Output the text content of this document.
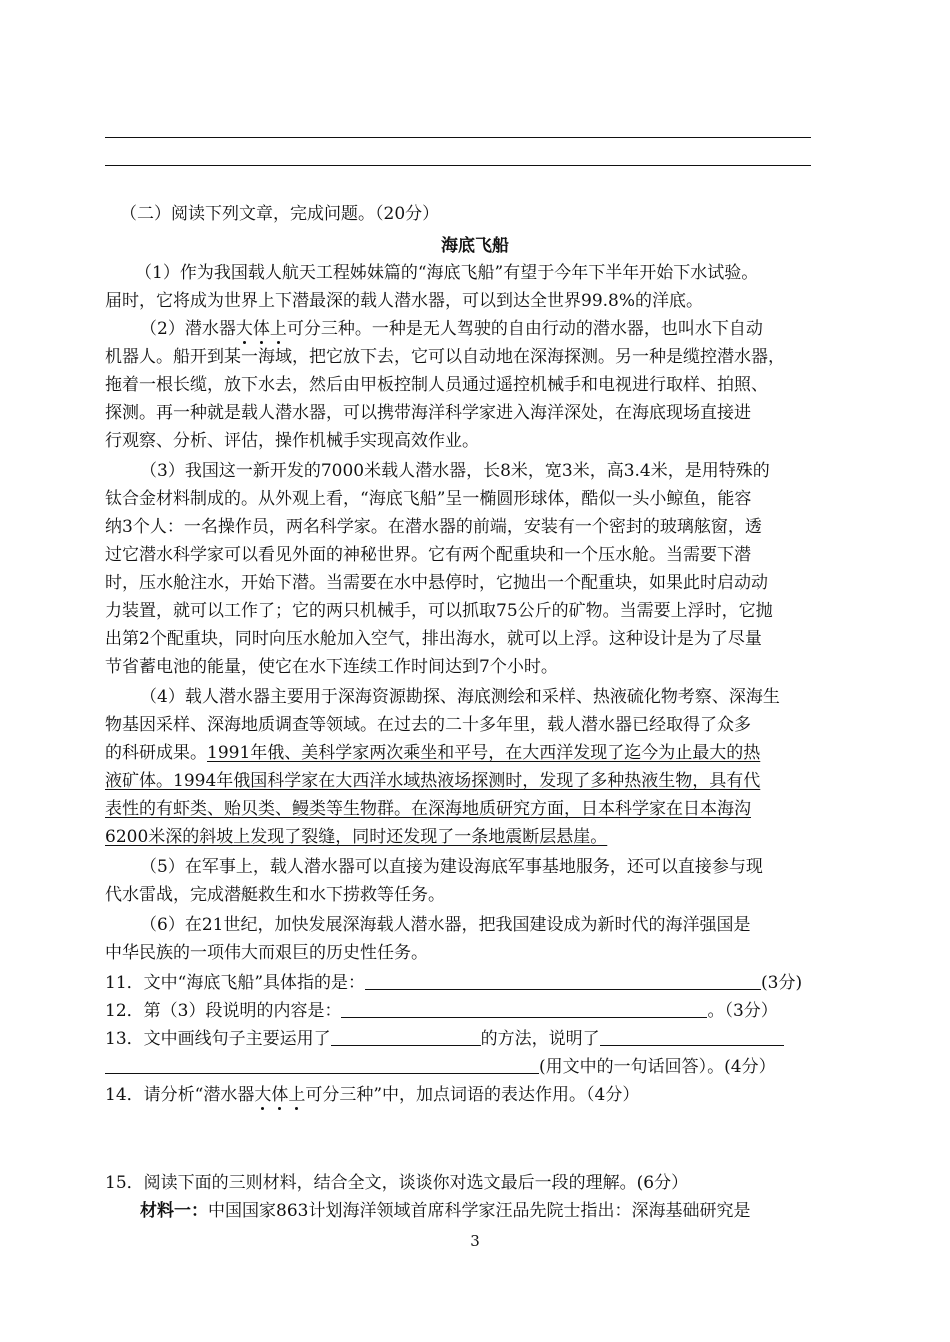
（二）阅读下列文章，完成问题。（20分）
海底飞船
（1）作为我国载人航天工程姊妹篇的“海底飞船”有望于今年下半年开始下水试验。
届时，它将成为世界上下潜最深的载人潜水器，可以到达全世界99.8%的洋底。
（2）潜水器大体上可分三种。一种是无人驾驶的自由行动的潜水器，也叫水下自动
机器人。船开到某一海域，把它放下去，它可以自动地在深海探测。另一种是缆控潜水器，
拖着一根长缆，放下水去，然后由甲板控制人员通过遥控机械手和电视进行取样、拍照、
探测。再一种就是载人潜水器，可以携带海洋科学家进入海洋深处，在海底现场直接进
行观察、分析、评估，操作机械手实现高效作业。
（3）我国这一新开发的7000米载人潜水器，长8米，宽3米，高3.4米，是用特殊的
钛合金材料制成的。从外观上看，“海底飞船”呈一椭圆形球体，酷似一头小鲸鱼，能容
纳3个人：一名操作员，两名科学家。在潜水器的前端，安装有一个密封的玻璃舷窗，透
过它潜水科学家可以看见外面的神秘世界。它有两个配重块和一个压水舱。当需要下潜
时，压水舱注水，开始下潜。当需要在水中悬停时，它抛出一个配重块，如果此时启动动
力装置，就可以工作了；它的两只机械手，可以抓取75公斤的矿物。当需要上浮时，它抛
出第2个配重块，同时向压水舱加入空气，排出海水，就可以上浮。这种设计是为了尽量
节省蓄电池的能量，使它在水下连续工作时间达到7个小时。
（4）载人潜水器主要用于深海资源勘探、海底测绘和采样、热液硫化物考察、深海生
物基因采样、深海地质调查等领域。在过去的二十多年里，载人潜水器已经取得了众多
的科研成果。1991年俄、美科学家两次乘坐和平号，在大西洋发现了迄今为止最大的热
液矿体。1994年俄国科学家在大西洋水域热液场探测时，发现了多种热液生物，具有代
表性的有虾类、贻贝类、鳗类等生物群。在深海地质研究方面，日本科学家在日本海沟
6200米深的斜坡上发现了裂缝，同时还发现了一条地震断层悬崖。
（5）在军事上，载人潜水器可以直接为建设海底军事基地服务，还可以直接参与现
代水雷战，完成潜艇救生和水下捞救等任务。
（6）在21世纪，加快发展深海载人潜水器，把我国建设成为新时代的海洋强国是
中华民族的一项伟大而艰巨的历史性任务。
11．文中“海底飞船”具体指的是：	(3分)
12．第（3）段说明的内容是：	。（3分）
13．文中画线句子主要运用了	的方法，说明了
(用文中的一句话回答）。(4分）
14．请分析“潜水器大体上可分三种”中，加点词语的表达作用。（4分）
15．阅读下面的三则材料，结合全文，谈谈你对选文最后一段的理解。(6分）
材料一：中国国家863计划海洋领域首席科学家汪品先院士指出：深海基础研究是
3
